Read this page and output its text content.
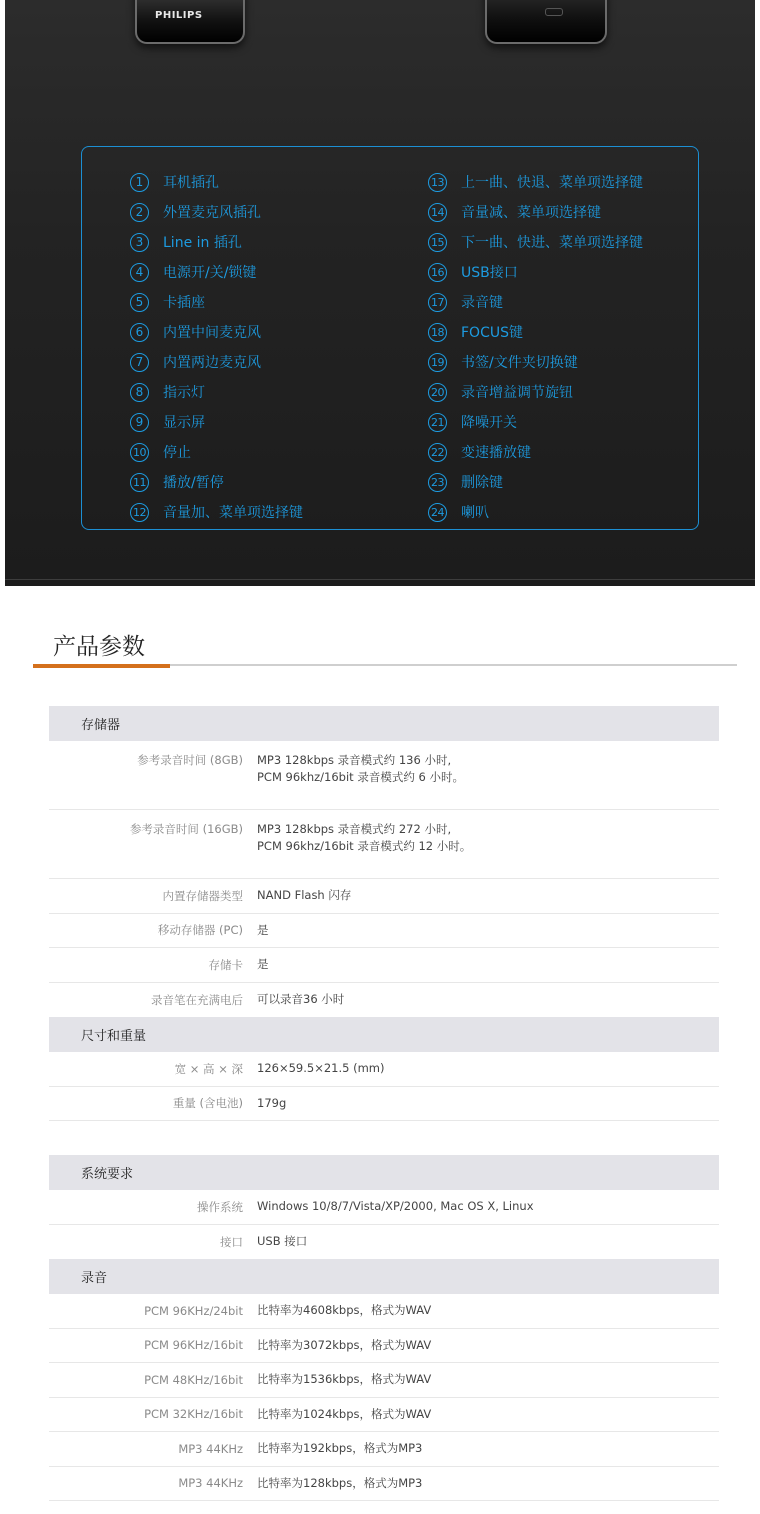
PHILIPS
1	耳机插孔
2	外置麦克风插孔
3	Line in 插孔
4	电源开/关/锁键
5	卡插座
6	内置中间麦克风
7	内置两边麦克风
8	指示灯
9	显示屏
10 停止
11 播放/暂停
12 音量加、菜单项选择键
13 上一曲、快退、菜单项选择键
14 音量减、菜单项选择键
15 下一曲、快进、菜单项选择键
16 USB接口
17 录音键
18 FOCUS键
19 书签/文件夹切换键
20 录音增益调节旋钮
21 降噪开关
22 变速播放键
23 删除键
24 喇叭
产品参数
存储器
参考录音时间 (8GB)	MP3 128kbps 录音模式约 136 小时,
PCM 96khz/16bit 录音模式约 6 小时。
参考录音时间 (16GB)	MP3 128kbps 录音模式约 272 小时,
PCM 96khz/16bit 录音模式约 12 小时。
内置存储器类型	NAND Flash 闪存
移动存储器 (PC)	是
存储卡	是
录音笔在充满电后	可以录音36 小时
尺寸和重量
宽 × 高 × 深	126×59.5×21.5 (mm)
重量 (含电池)	179g
系统要求
操作系统	Windows 10/8/7/Vista/XP/2000, Mac OS X, Linux
接口	USB 接口
录音
PCM 96KHz/24bit	比特率为4608kbps，格式为WAV
PCM 96KHz/16bit	比特率为3072kbps，格式为WAV
PCM 48KHz/16bit	比特率为1536kbps，格式为WAV
PCM 32KHz/16bit	比特率为1024kbps，格式为WAV
MP3 44KHz	比特率为192kbps，格式为MP3
MP3 44KHz	比特率为128kbps，格式为MP3
